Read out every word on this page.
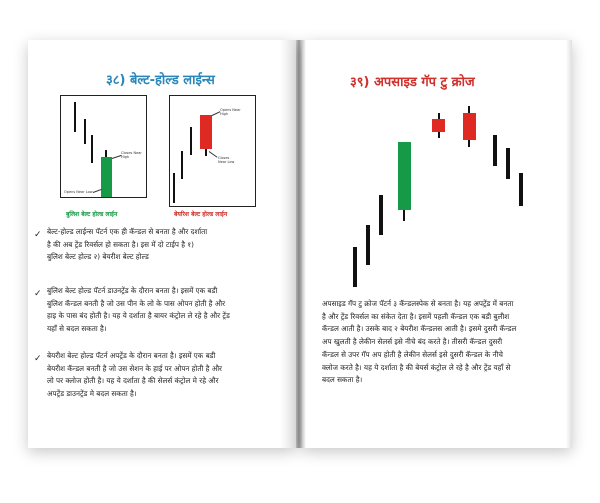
३८) बेल्ट-होल्ड लाईन्स
Closes Near High
Opens Near Low
बुलिश बेल्ट होल्ड लाईन
Opens Near High
Closes Near Low
बेयरिश बेल्ट होल्ड लाईन
✓ बेल्ट-होल्ड लाईन्स पॅटर्न एक ही कॅन्डल से बनता है और दर्शाता
है की अब ट्रेंड रिवर्सल हो सकता है। इस में दो टाईप है १)
बुलिश बेल्ट होल्ड २) बेयरीश बेल्ट होल्ड
✓ बुलिश बेल्ट होल्ड पॅटर्न डाउनट्रेंड के दौरान बनता है। इसमें एक बडी
बुलिश कॅन्डल बनती है जो उस पीन के लो के पास ओपन होती है और
हाइ के पास बंद होती है। यह ये दर्शाता है बायर कंट्रोल ले रहे है और ट्रेंड
यहाँ से बदल सकता है।
✓ बेयरीश बेल्ट होल्ड पॅटर्न अपट्रेंड के दौरान बनता है। इसमें एक बडी
बेयरीश कॅन्डल बनती है जो उस सेशन के हाई पर ओपन होती है और
लो पर क्लोज होती है। यह ये दर्शाता है की सेलर्स कंट्रोल मे रहे और
अपट्रेंड डाउनट्रेंड मे बदल सकता है।
३९) अपसाइड गॅप टु क्रोज
अपसाइड गॅप टु क्रोज पॅटर्न ३ कॅन्डलस्पेक से बनता है। यह अपट्रेंड में बनता
है और ट्रेंड रिवर्सल का संकेत देता है। इसमें पहली कॅन्डल एक बडी बुलीश
कॅन्डल आती है। उसके बाद २ बेयरीश कॅन्डलस आती है। इसमे दुसरी कॅन्डल
अप खुलती है लेकीन सेलर्स इसे नीचे बंद करते है। तीसरी कॅन्डल दुसरी
कॅन्डल से उपर गॅप अप होती है लेकीन सेलर्स इसे दुसरी कॅन्डल के नीचे
क्लोज करते है। यह ये दर्शाता है की बेयर्स कंट्रोल ले रहे है और ट्रेंड यहाँ से
बदल सकता है।
